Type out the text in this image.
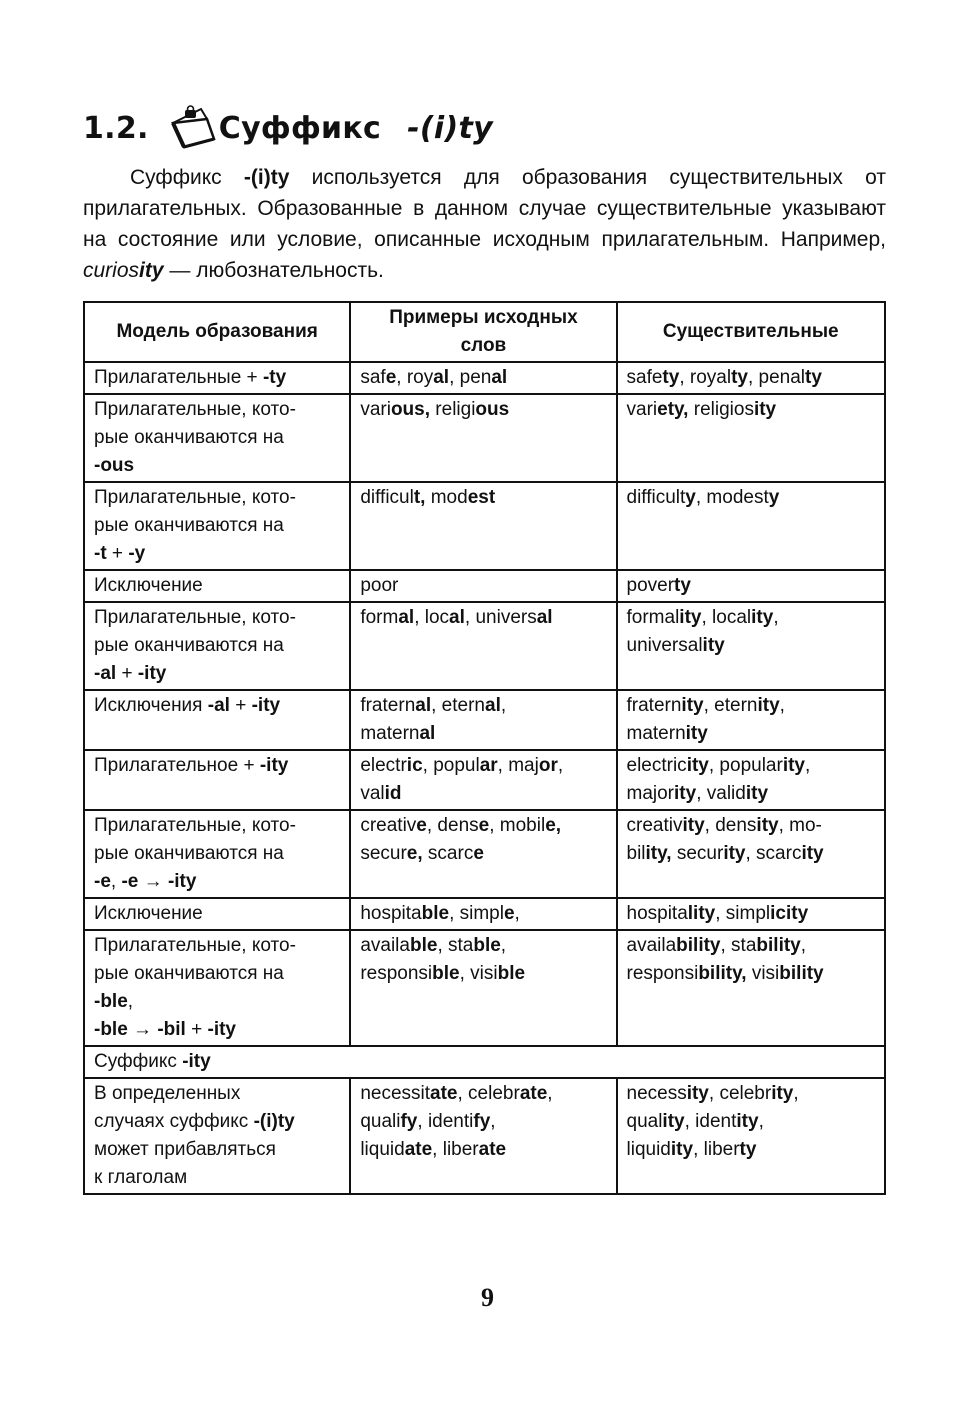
1.2. Суффикс -(i)ty

Суффикс -(i)ty используется для образования существительных от прилагательных. Образованные в данном случае существительные указывают на состояние или условие, описанные исходным прилагательным. Например, curiosity — любознательность.

Модель образования	Примеры исходных слов	Существительные
Прилагательные + -ty	safe, royal, penal	safety, royalty, penalty
Прилагательные, кото-
рые оканчиваются на
-ous	various, religious	variety, religiosity
Прилагательные, кото-
рые оканчиваются на
-t + -y	difficult, modest	difficulty, modesty
Исключение	poor	poverty
Прилагательные, кото-
рые оканчиваются на
-al + -ity	formal, local, universal	formality, locality,
universality
Исключения -al + -ity	fraternal, eternal,
maternal	fraternity, eternity,
maternity
Прилагательное + -ity	electric, popular, major,
valid	electricity, popularity,
majority, validity
Прилагательные, кото-
рые оканчиваются на
-e, -e → -ity	creative, dense, mobile,
secure, scarce	creativity, density, mo-
bility, security, scarcity
Исключение	hospitable, simple,	hospitality, simplicity
Прилагательные, кото-
рые оканчиваются на
-ble,
-ble → -bil + -ity	available, stable,
responsible, visible	availability, stability,
responsibility, visibility
Суффикс -ity		
В определенных
случаях суффикс -(i)ty
может прибавляться
к глаголам	necessitate, celebrate,
qualify, identify,
liquidate, liberate	necessity, celebrity,
quality, identity,
liquidity, liberty
9
